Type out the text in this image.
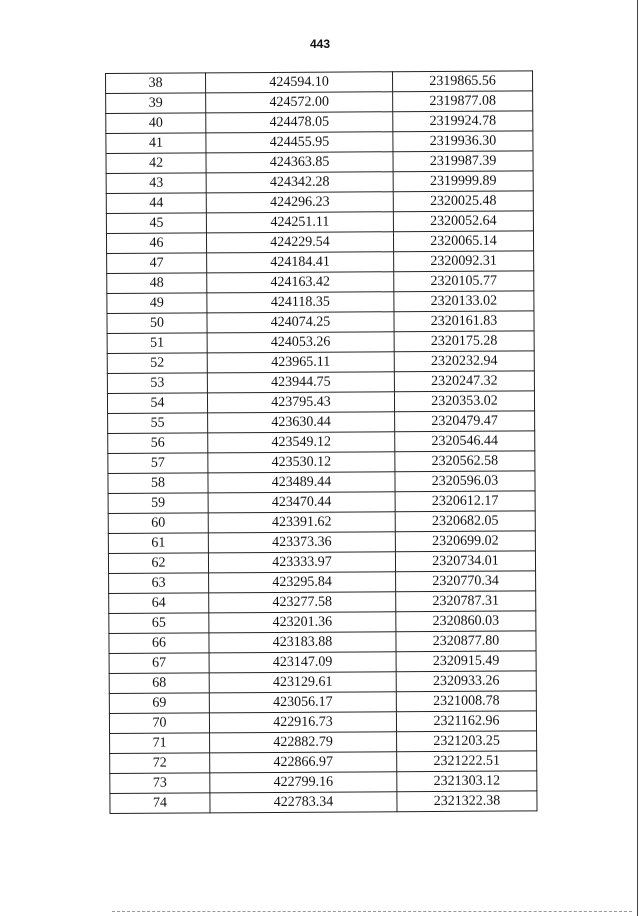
443
38	424594.10	2319865.56
39	424572.00	2319877.08
40	424478.05	2319924.78
41	424455.95	2319936.30
42	424363.85	2319987.39
43	424342.28	2319999.89
44	424296.23	2320025.48
45	424251.11	2320052.64
46	424229.54	2320065.14
47	424184.41	2320092.31
48	424163.42	2320105.77
49	424118.35	2320133.02
50	424074.25	2320161.83
51	424053.26	2320175.28
52	423965.11	2320232.94
53	423944.75	2320247.32
54	423795.43	2320353.02
55	423630.44	2320479.47
56	423549.12	2320546.44
57	423530.12	2320562.58
58	423489.44	2320596.03
59	423470.44	2320612.17
60	423391.62	2320682.05
61	423373.36	2320699.02
62	423333.97	2320734.01
63	423295.84	2320770.34
64	423277.58	2320787.31
65	423201.36	2320860.03
66	423183.88	2320877.80
67	423147.09	2320915.49
68	423129.61	2320933.26
69	423056.17	2321008.78
70	422916.73	2321162.96
71	422882.79	2321203.25
72	422866.97	2321222.51
73	422799.16	2321303.12
74	422783.34	2321322.38
